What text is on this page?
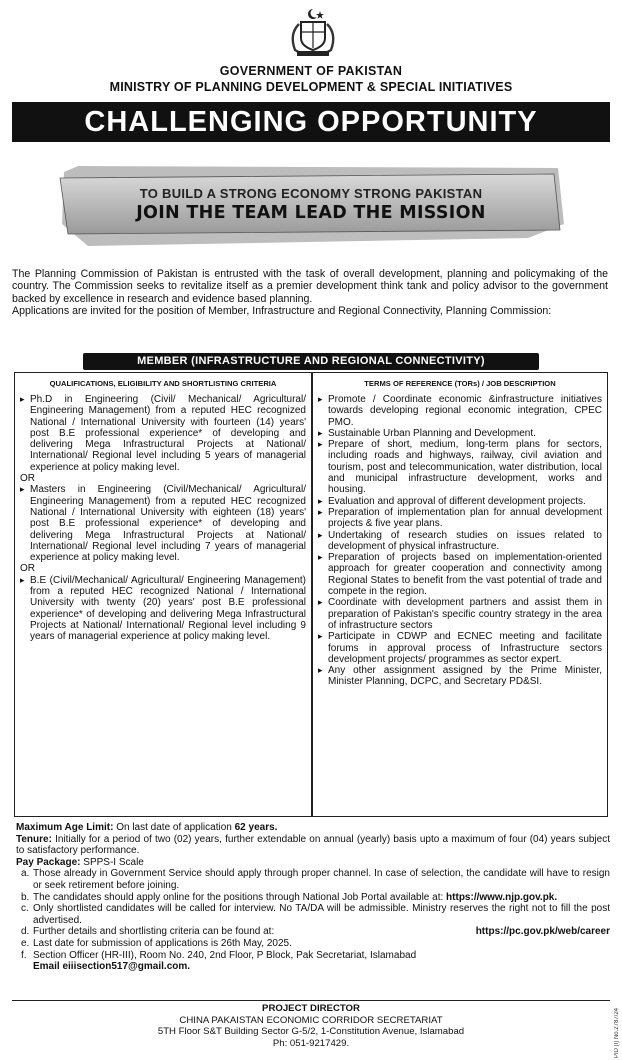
GOVERNMENT OF PAKISTAN
MINISTRY OF PLANNING DEVELOPMENT & SPECIAL INITIATIVES
CHALLENGING OPPORTUNITY
TO BUILD A STRONG ECONOMY STRONG PAKISTAN
JOIN THE TEAM LEAD THE MISSION

The Planning Commission of Pakistan is entrusted with the task of overall development, planning and policymaking of the country. The Commission seeks to revitalize itself as a premier development think tank and policy advisor to the government backed by excellence in research and evidence based planning.

Applications are invited for the position of Member, Infrastructure and Regional Connectivity, Planning Commission:

MEMBER (INFRASTRUCTURE AND REGIONAL CONNECTIVITY)
QUALIFICATIONS, ELIGIBILITY AND SHORTLISTING CRITERIA
▸ Ph.D in Engineering (Civil/ Mechanical/ Agricultural/ Engineering Management) from a reputed HEC recognized National / International University with fourteen (14) years' post B.E professional experience* of developing and delivering Mega Infrastructural Projects at National/ International/ Regional level including 5 years of managerial experience at policy making level.
OR
▸ Masters in Engineering (Civil/Mechanical/ Agricultural/ Engineering Management) from a reputed HEC recognized National / International University with eighteen (18) years' post B.E professional experience* of developing and delivering Mega Infrastructural Projects at National/ International/ Regional level including 7 years of managerial experience at policy making level.
OR
▸ B.E (Civil/Mechanical/ Agricultural/ Engineering Management) from a reputed HEC recognized National / International University with twenty (20) years' post B.E professional experience* of developing and delivering Mega Infrastructural Projects at National/ International/ Regional level including 9 years of managerial experience at policy making level.
TERMS OF REFERENCE (TORs) / JOB DESCRIPTION
▸ Promote / Coordinate economic &infrastructure initiatives towards developing regional economic integration, CPEC PMO.
▸ Sustainable Urban Planning and Development.
▸ Prepare of short, medium, long-term plans for sectors, including roads and highways, railway, civil aviation and tourism, post and telecommunication, water distribution, local and municipal infrastructure development, works and housing.
▸ Evaluation and approval of different development projects.
▸ Preparation of implementation plan for annual development projects & five year plans.
▸ Undertaking of research studies on issues related to development of physical infrastructure.
▸ Preparation of projects based on implementation-oriented approach for greater cooperation and connectivity among Regional States to benefit from the vast potential of trade and compete in the region.
▸ Coordinate with development partners and assist them in preparation of Pakistan's specific country strategy in the area of infrastructure sectors
▸ Participate in CDWP and ECNEC meeting and facilitate forums in approval process of Infrastructure sectors development projects/ programmes as sector expert.
▸ Any other assignment assigned by the Prime Minister, Minister Planning, DCPC, and Secretary PD&SI.

Maximum Age Limit: On last date of application 62 years.

Tenure: Initially for a period of two (02) years, further extendable on annual (yearly) basis upto a maximum of four (04) years subject to satisfactory performance.

Pay Package: SPPS-I Scale

a. Those already in Government Service should apply through proper channel. In case of selection, the candidate will have to resign or seek retirement before joining.
b. The candidates should apply online for the positions through National Job Portal available at: https://www.njp.gov.pk.
c. Only shortlisted candidates will be called for interview. No TA/DA will be admissible. Ministry reserves the right not to fill the post advertised.
d. Further details and shortlisting criteria can be found at:	https://pc.gov.pk/web/career
e. Last date for submission of applications is 26th May, 2025.
f. Section Officer (HR-III), Room No. 240, 2nd Floor, P Block, Pak Secretariat, Islamabad
Email eiiisection517@gmail.com.
PROJECT DIRECTOR
CHINA PAKAISTAN ECONOMIC CORRIDOR SECRETARIAT
5TH Floor S&T Building Sector G-5/2, 1-Constitution Avenue, Islamabad
Ph: 051-9217429.	PID (I) No.2787/24
